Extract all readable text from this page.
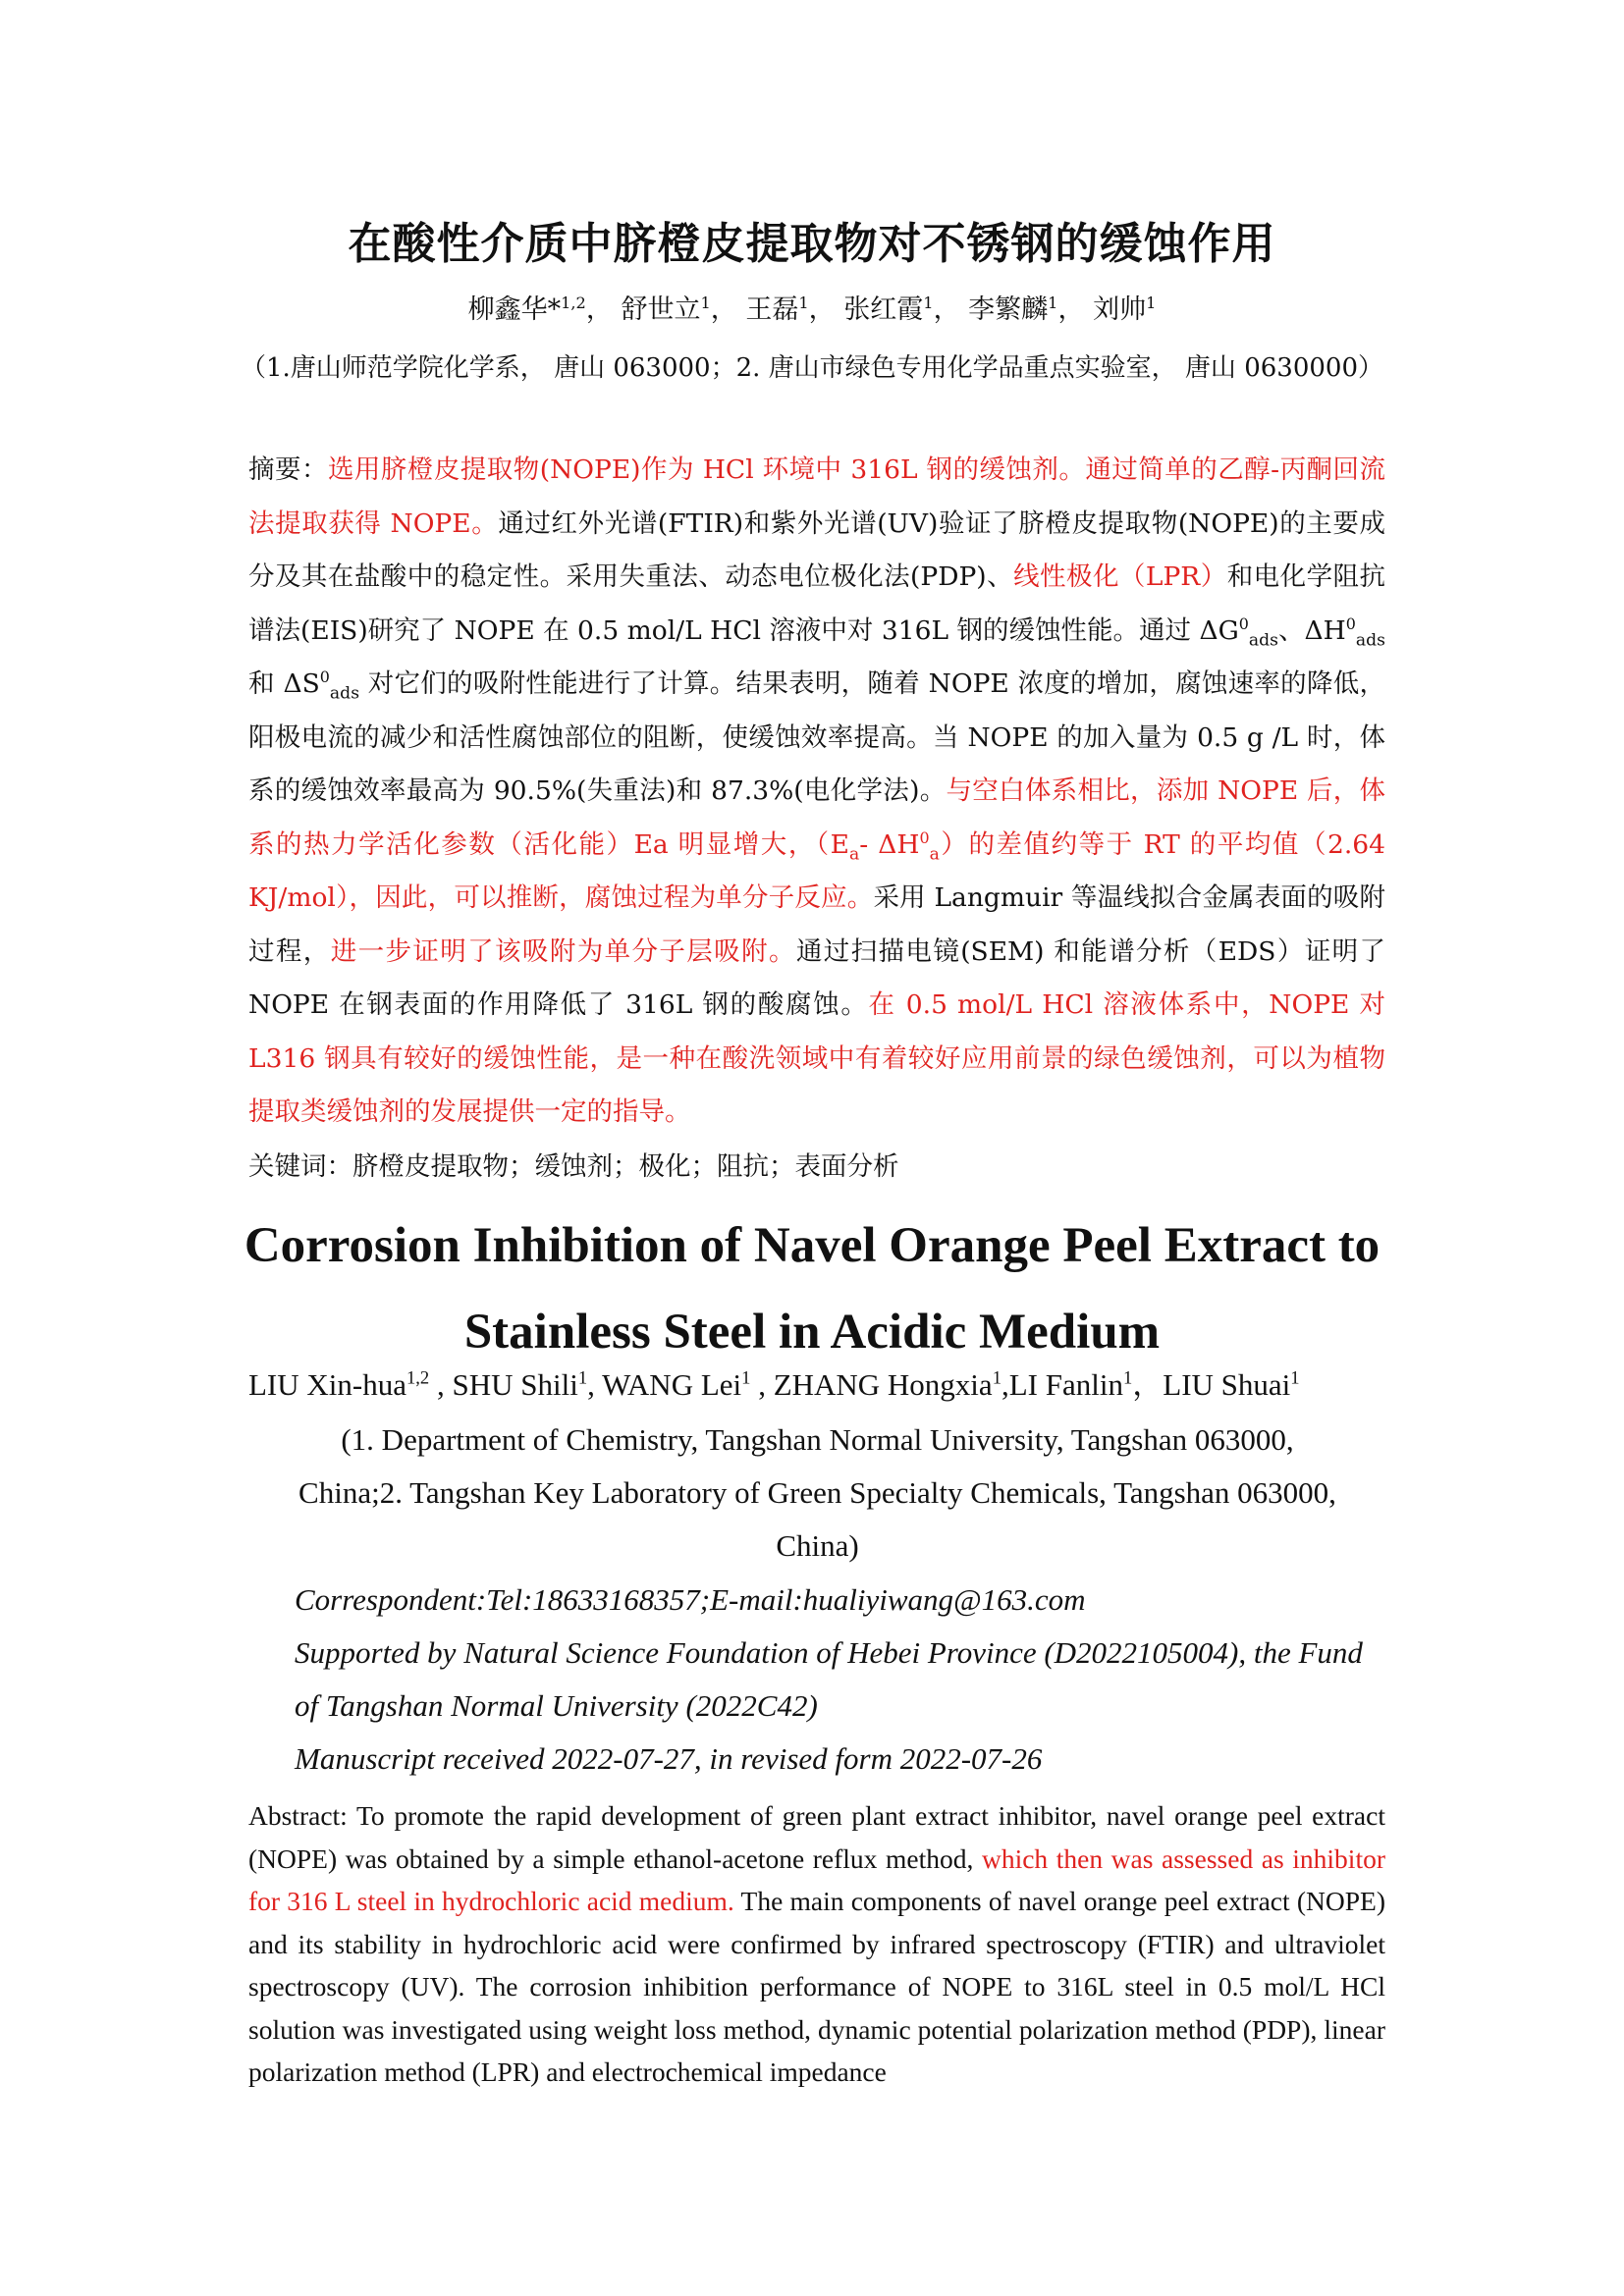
在酸性介质中脐橙皮提取物对不锈钢的缓蚀作用
柳鑫华*$^{1,2}$， 舒世立$^1$， 王磊$^1$， 张红霞$^1$， 李繁麟$^1$， 刘帅$^1$
（1.唐山师范学院化学系， 唐山 063000；2. 唐山市绿色专用化学品重点实验室， 唐山 0630000）
摘要：选用脐橙皮提取物(NOPE)作为 HCl 环境中 316L 钢的缓蚀剂。通过简单的乙醇-丙酮回流法提取获得 NOPE。通过红外光谱(FTIR)和紫外光谱(UV)验证了脐橙皮提取物(NOPE)的主要成分及其在盐酸中的稳定性。采用失重法、动态电位极化法(PDP)、线性极化（LPR）和电化学阻抗谱法(EIS)研究了 NOPE 在 0.5 mol/L HCl 溶液中对 316L 钢的缓蚀性能。通过 $\Delta G^0_{ads}$、$\Delta H^0_{ads}$和 $\Delta S^0_{ads}$ 对它们的吸附性能进行了计算。结果表明，随着 NOPE 浓度的增加，腐蚀速率的降低，阳极电流的减少和活性腐蚀部位的阻断，使缓蚀效率提高。当 NOPE 的加入量为 0.5 g /L 时，体系的缓蚀效率最高为 90.5%(失重法)和 87.3%(电化学法)。与空白体系相比，添加 NOPE 后，体系的热力学活化参数（活化能）Ea 明显增大，（$E_a-$ $\Delta H^0_a$）的差值约等于 RT 的平均值（2.64 KJ/mol），因此，可以推断，腐蚀过程为单分子反应。采用 Langmuir 等温线拟合金属表面的吸附过程，进一步证明了该吸附为单分子层吸附。通过扫描电镜(SEM) 和能谱分析（EDS）证明了 NOPE 在钢表面的作用降低了 316L 钢的酸腐蚀。在 0.5 mol/L HCl 溶液体系中，NOPE 对 L316 钢具有较好的缓蚀性能，是一种在酸洗领域中有着较好应用前景的绿色缓蚀剂，可以为植物提取类缓蚀剂的发展提供一定的指导。
关键词：脐橙皮提取物；缓蚀剂；极化；阻抗；表面分析
Corrosion Inhibition of Navel Orange Peel Extract to
Stainless Steel in Acidic Medium
LIU Xin-hua$^{1,2}$ , SHU Shili$^1$, WANG Lei$^1$ , ZHANG Hongxia$^1$,LI Fanlin$^1$，LIU Shuai$^1$
(1. Department of Chemistry, Tangshan Normal University, Tangshan 063000, China;2. Tangshan Key Laboratory of Green Specialty Chemicals, Tangshan 063000, China)
Correspondent:Tel:18633168357;E-mail:hualiyiwang@163.com
Supported by Natural Science Foundation of Hebei Province (D2022105004), the Fund of Tangshan Normal University (2022C42)
Manuscript received 2022-07-27, in revised form 2022-07-26
Abstract: To promote the rapid development of green plant extract inhibitor, navel orange peel extract (NOPE) was obtained by a simple ethanol-acetone reflux method, which then was assessed as inhibitor for 316 L steel in hydrochloric acid medium. The main components of navel orange peel extract (NOPE) and its stability in hydrochloric acid were confirmed by infrared spectroscopy (FTIR) and ultraviolet spectroscopy (UV). The corrosion inhibition performance of NOPE to 316L steel in 0.5 mol/L HCl solution was investigated using weight loss method, dynamic potential polarization method (PDP), linear polarization method (LPR) and electrochemical impedance
